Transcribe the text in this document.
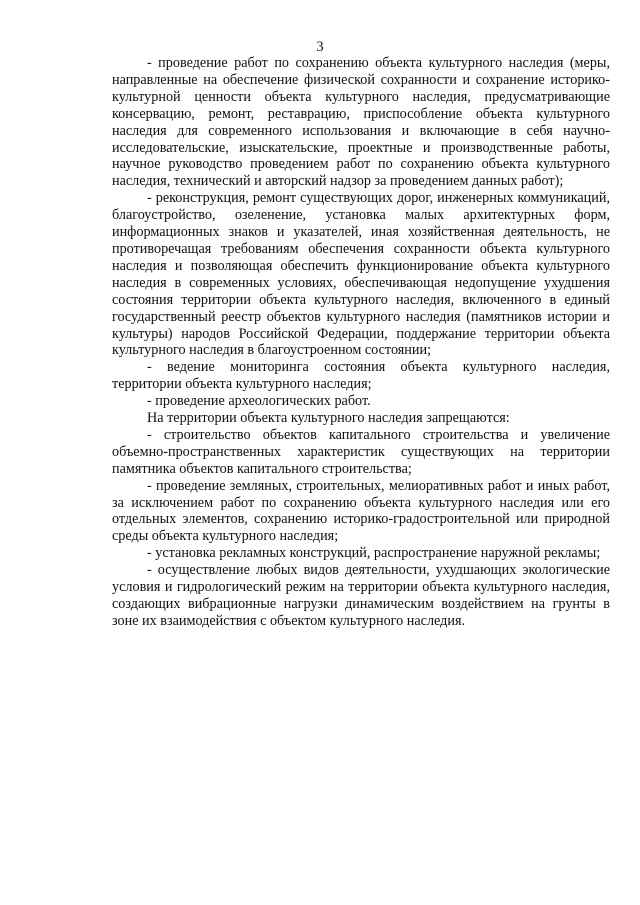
3

- проведение работ по сохранению объекта культурного наследия (меры, направленные на обеспечение физической сохранности и сохранение историко-культурной ценности объекта культурного наследия, предусматривающие консервацию, ремонт, реставрацию, приспособление объекта культурного наследия для современного использования и включающие в себя научно-исследовательские, изыскательские, проектные и производственные работы, научное руководство проведением работ по сохранению объекта культурного наследия, технический и авторский надзор за проведением данных работ);

- реконструкция, ремонт существующих дорог, инженерных коммуникаций, благоустройство, озеленение, установка малых архитектурных форм, информационных знаков и указателей, иная хозяйственная деятельность, не противоречащая требованиям обеспечения сохранности объекта культурного наследия и позволяющая обеспечить функционирование объекта культурного наследия в современных условиях, обеспечивающая недопущение ухудшения состояния территории объекта культурного наследия, включенного в единый государственный реестр объектов культурного наследия (памятников истории и культуры) народов Российской Федерации, поддержание территории объекта культурного наследия в благоустроенном состоянии;

- ведение мониторинга состояния объекта культурного наследия, территории объекта культурного наследия;

- проведение археологических работ.

На территории объекта культурного наследия запрещаются:

- строительство объектов капитального строительства и увеличение объемно-пространственных характеристик существующих на территории памятника объектов капитального строительства;

- проведение земляных, строительных, мелиоративных работ и иных работ, за исключением работ по сохранению объекта культурного наследия или его отдельных элементов, сохранению историко-градостроительной или природной среды объекта культурного наследия;

- установка рекламных конструкций, распространение наружной рекламы;

- осуществление любых видов деятельности, ухудшающих экологические условия и гидрологический режим на территории объекта культурного наследия, создающих вибрационные нагрузки динамическим воздействием на грунты в зоне их взаимодействия с объектом культурного наследия.
